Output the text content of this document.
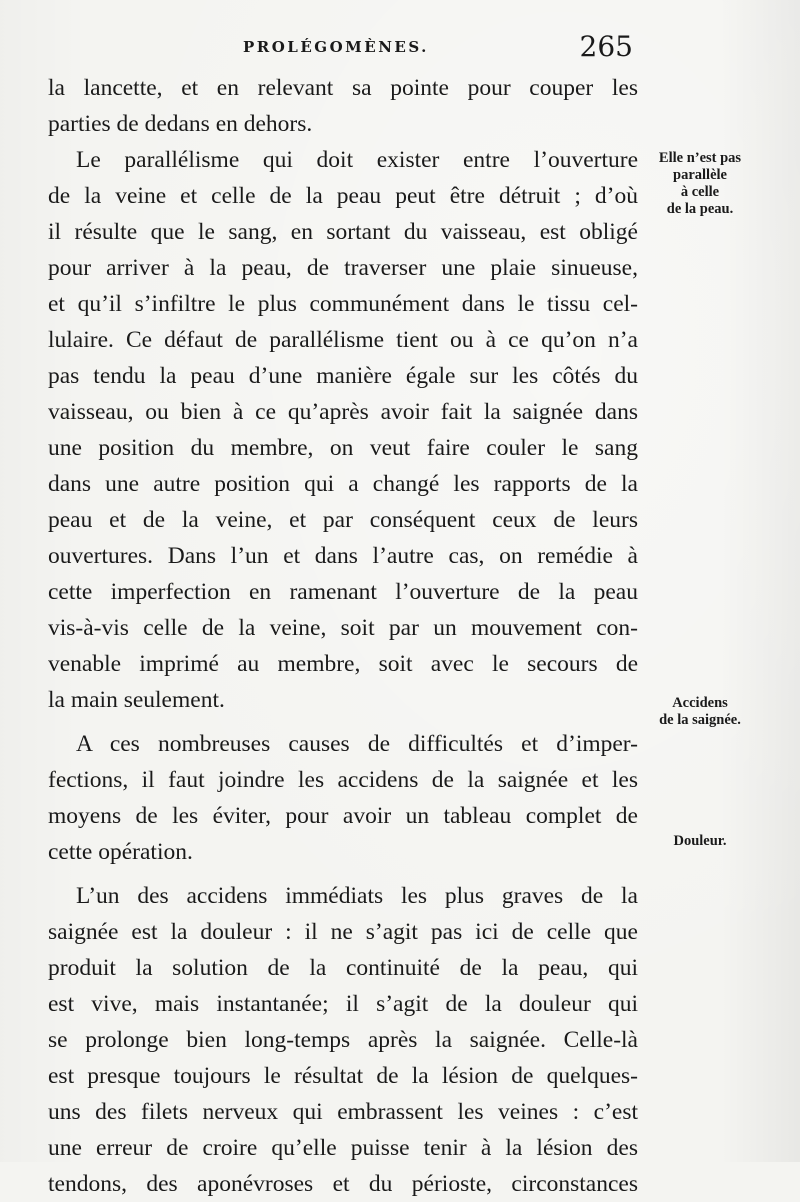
PROLÉGOMÈNES.	265
la lancette, et en relevant sa pointe pour couper les
parties de dedans en dehors.
Le parallélisme qui doit exister entre l’ouverture
de la veine et celle de la peau peut être détruit ; d’où
il résulte que le sang, en sortant du vaisseau, est obligé
pour arriver à la peau, de traverser une plaie sinueuse,
et qu’il s’infiltre le plus communément dans le tissu cel-
lulaire. Ce défaut de parallélisme tient ou à ce qu’on n’a
pas tendu la peau d’une manière égale sur les côtés du
vaisseau, ou bien à ce qu’après avoir fait la saignée dans
une position du membre, on veut faire couler le sang
dans une autre position qui a changé les rapports de la
peau et de la veine, et par conséquent ceux de leurs
ouvertures. Dans l’un et dans l’autre cas, on remédie à
cette imperfection en ramenant l’ouverture de la peau
vis-à-vis celle de la veine, soit par un mouvement con-
venable imprimé au membre, soit avec le secours de
la main seulement.
A ces nombreuses causes de difficultés et d’imper-
fections, il faut joindre les accidens de la saignée et les
moyens de les éviter, pour avoir un tableau complet de
cette opération.
L’un des accidens immédiats les plus graves de la
saignée est la douleur : il ne s’agit pas ici de celle que
produit la solution de la continuité de la peau, qui
est vive, mais instantanée; il s’agit de la douleur qui
se prolonge bien long-temps après la saignée. Celle-là
est presque toujours le résultat de la lésion de quelques-
uns des filets nerveux qui embrassent les veines : c’est
une erreur de croire qu’elle puisse tenir à la lésion des
tendons, des aponévroses et du périoste, circonstances
Elle n’est pas
parallèle
à celle
de la peau.
Accidens
de la saignée.
Douleur.
